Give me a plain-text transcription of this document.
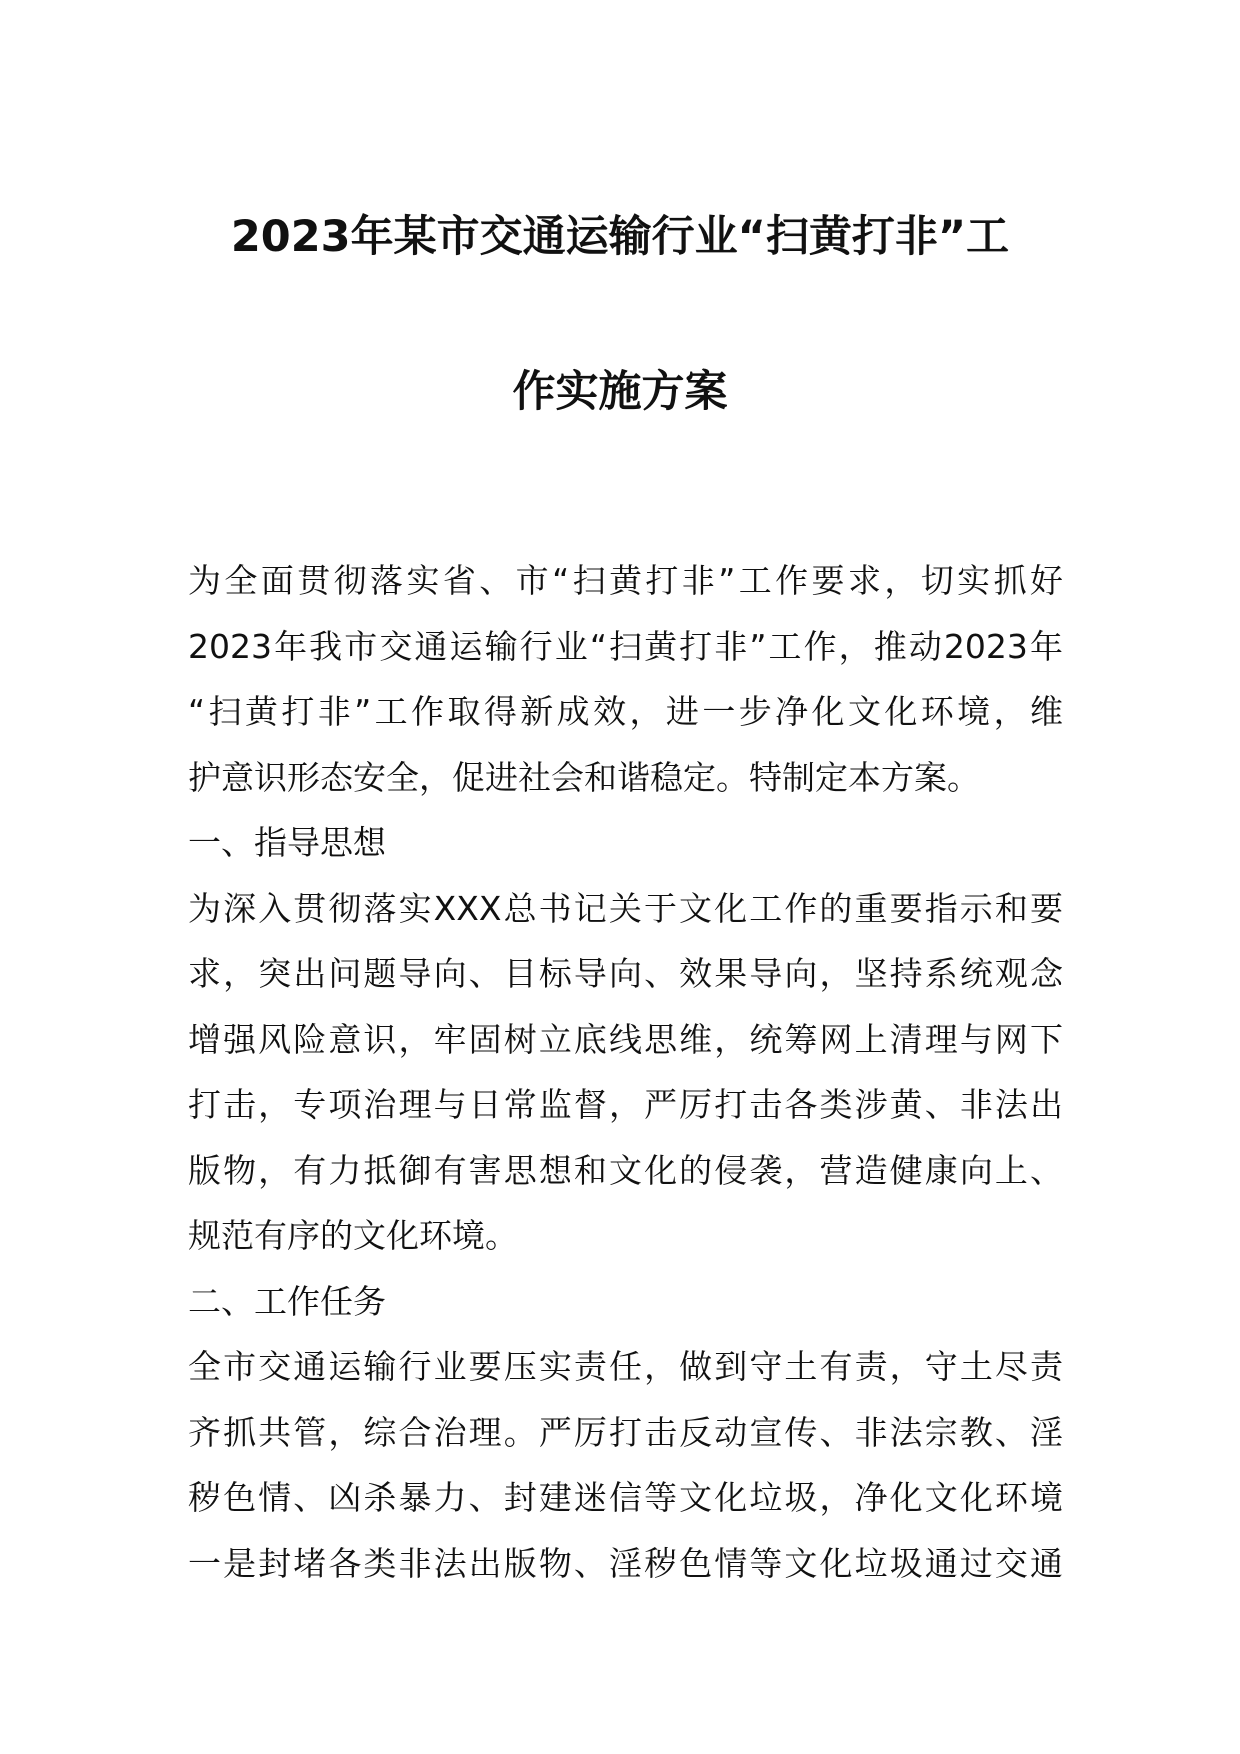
2023年某市交通运输行业“扫黄打非”工
作实施方案
为全面贯彻落实省、市“扫黄打非”工作要求，切实抓好
2023年我市交通运输行业“扫黄打非”工作，推动2023年
“扫黄打非”工作取得新成效，进一步净化文化环境，维
护意识形态安全，促进社会和谐稳定。特制定本方案。
一、指导思想
为深入贯彻落实XXX总书记关于文化工作的重要指示和要
求，突出问题导向、目标导向、效果导向，坚持系统观念
增强风险意识，牢固树立底线思维，统筹网上清理与网下
打击，专项治理与日常监督，严厉打击各类涉黄、非法出
版物，有力抵御有害思想和文化的侵袭，营造健康向上、
规范有序的文化环境。
二、工作任务
全市交通运输行业要压实责任，做到守土有责，守土尽责
齐抓共管，综合治理。严厉打击反动宣传、非法宗教、淫
秽色情、凶杀暴力、封建迷信等文化垃圾，净化文化环境
一是封堵各类非法出版物、淫秽色情等文化垃圾通过交通
